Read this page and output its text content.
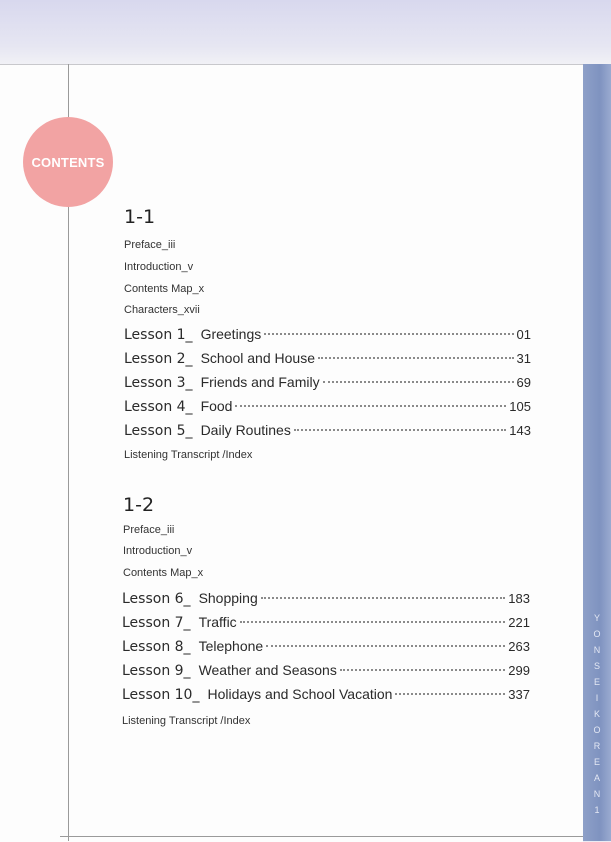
Y
O
N
S
E
I
K
O
R
E
A
N
1
CONTENTS
1-1
Preface_iii
Introduction_v
Contents Map_x
Characters_xvii
Lesson 1_ Greetings	01
Lesson 2_ School and House	31
Lesson 3_ Friends and Family	69
Lesson 4_ Food	105
Lesson 5_ Daily Routines	143
Listening Transcript /Index
1-2
Preface_iii
Introduction_v
Contents Map_x
Lesson 6_ Shopping	183
Lesson 7_ Traffic	221
Lesson 8_ Telephone	263
Lesson 9_ Weather and Seasons	299
Lesson 10_ Holidays and School Vacation	337
Listening Transcript /Index
